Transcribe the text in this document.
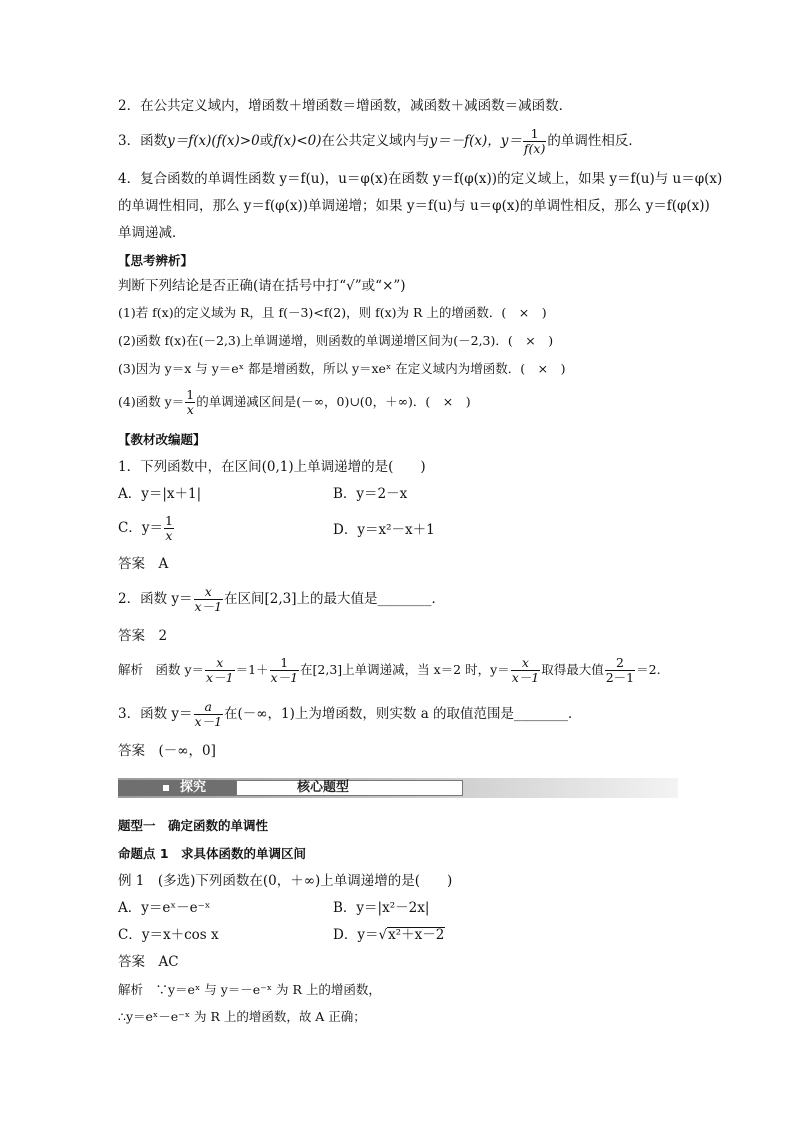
2．在公共定义域内，增函数＋增函数＝增函数，减函数＋减函数＝减函数．
3．函数y＝f(x)(f(x)>0或f(x)<0)在公共定义域内与y＝－f(x)，$y= \frac{1}{f(x)}$ 的单调性相反．
4．复合函数的单调性函数 y＝f(u)，u＝φ(x)在函数 y＝f(φ(x))的定义域上，如果 y＝f(u)与 u＝φ(x)
的单调性相同，那么 y＝f(φ(x))单调递增；如果 y＝f(u)与 u＝φ(x)的单调性相反，那么 y＝f(φ(x))
单调递减．
【思考辨析】
判断下列结论是否正确(请在括号中打“√”或“×”)
(1)若 f(x)的定义域为 R，且 f(－3)<f(2)，则 f(x)为 R 上的增函数．(　×　)
(2)函数 f(x)在(－2,3)上单调递增，则函数的单调递增区间为(－2,3)．(　×　)
(3)因为 y＝x 与 y＝eˣ 都是增函数，所以 y＝xeˣ 在定义域内为增函数．(　×　)
(4)函数 $y= \frac{1}{x}$ 的单调递减区间是(－∞，0)∪(0，＋∞)．(　×　)
【教材改编题】
1．下列函数中，在区间(0,1)上单调递增的是(　　)
A．y＝|x＋1|	B．y＝2－x
C．$y= \frac{1}{x}$	D．y＝x²－x＋1
答案　A
2．函数 $y= \frac{x}{x-1}$ 在区间[2,3]上的最大值是________．
答案　2
解析　函数 $y= \frac{x}{x-1} =1+ \frac{1}{x-1}$ 在[2,3]上单调递减，当 x＝2 时，$y= \frac{x}{x-1}$ 取得最大值 $\frac{2}{2-1} =2$.
3．函数 $y= \frac{a}{x-1}$ 在(－∞，1)上为增函数，则实数 a 的取值范围是________．
答案　(－∞，0]
探究	核心题型
题型一　确定函数的单调性
命题点 1　求具体函数的单调区间
例 1　(多选)下列函数在(0，＋∞)上单调递增的是(　　)
A．y＝eˣ－e⁻ˣ	B．y＝|x²－2x|
C．y＝x＋cos x	D．y＝√x²＋x－2
答案　AC
解析　∵y＝eˣ 与 y＝－e⁻ˣ 为 R 上的增函数，
∴y＝eˣ－e⁻ˣ 为 R 上的增函数，故 A 正确；
